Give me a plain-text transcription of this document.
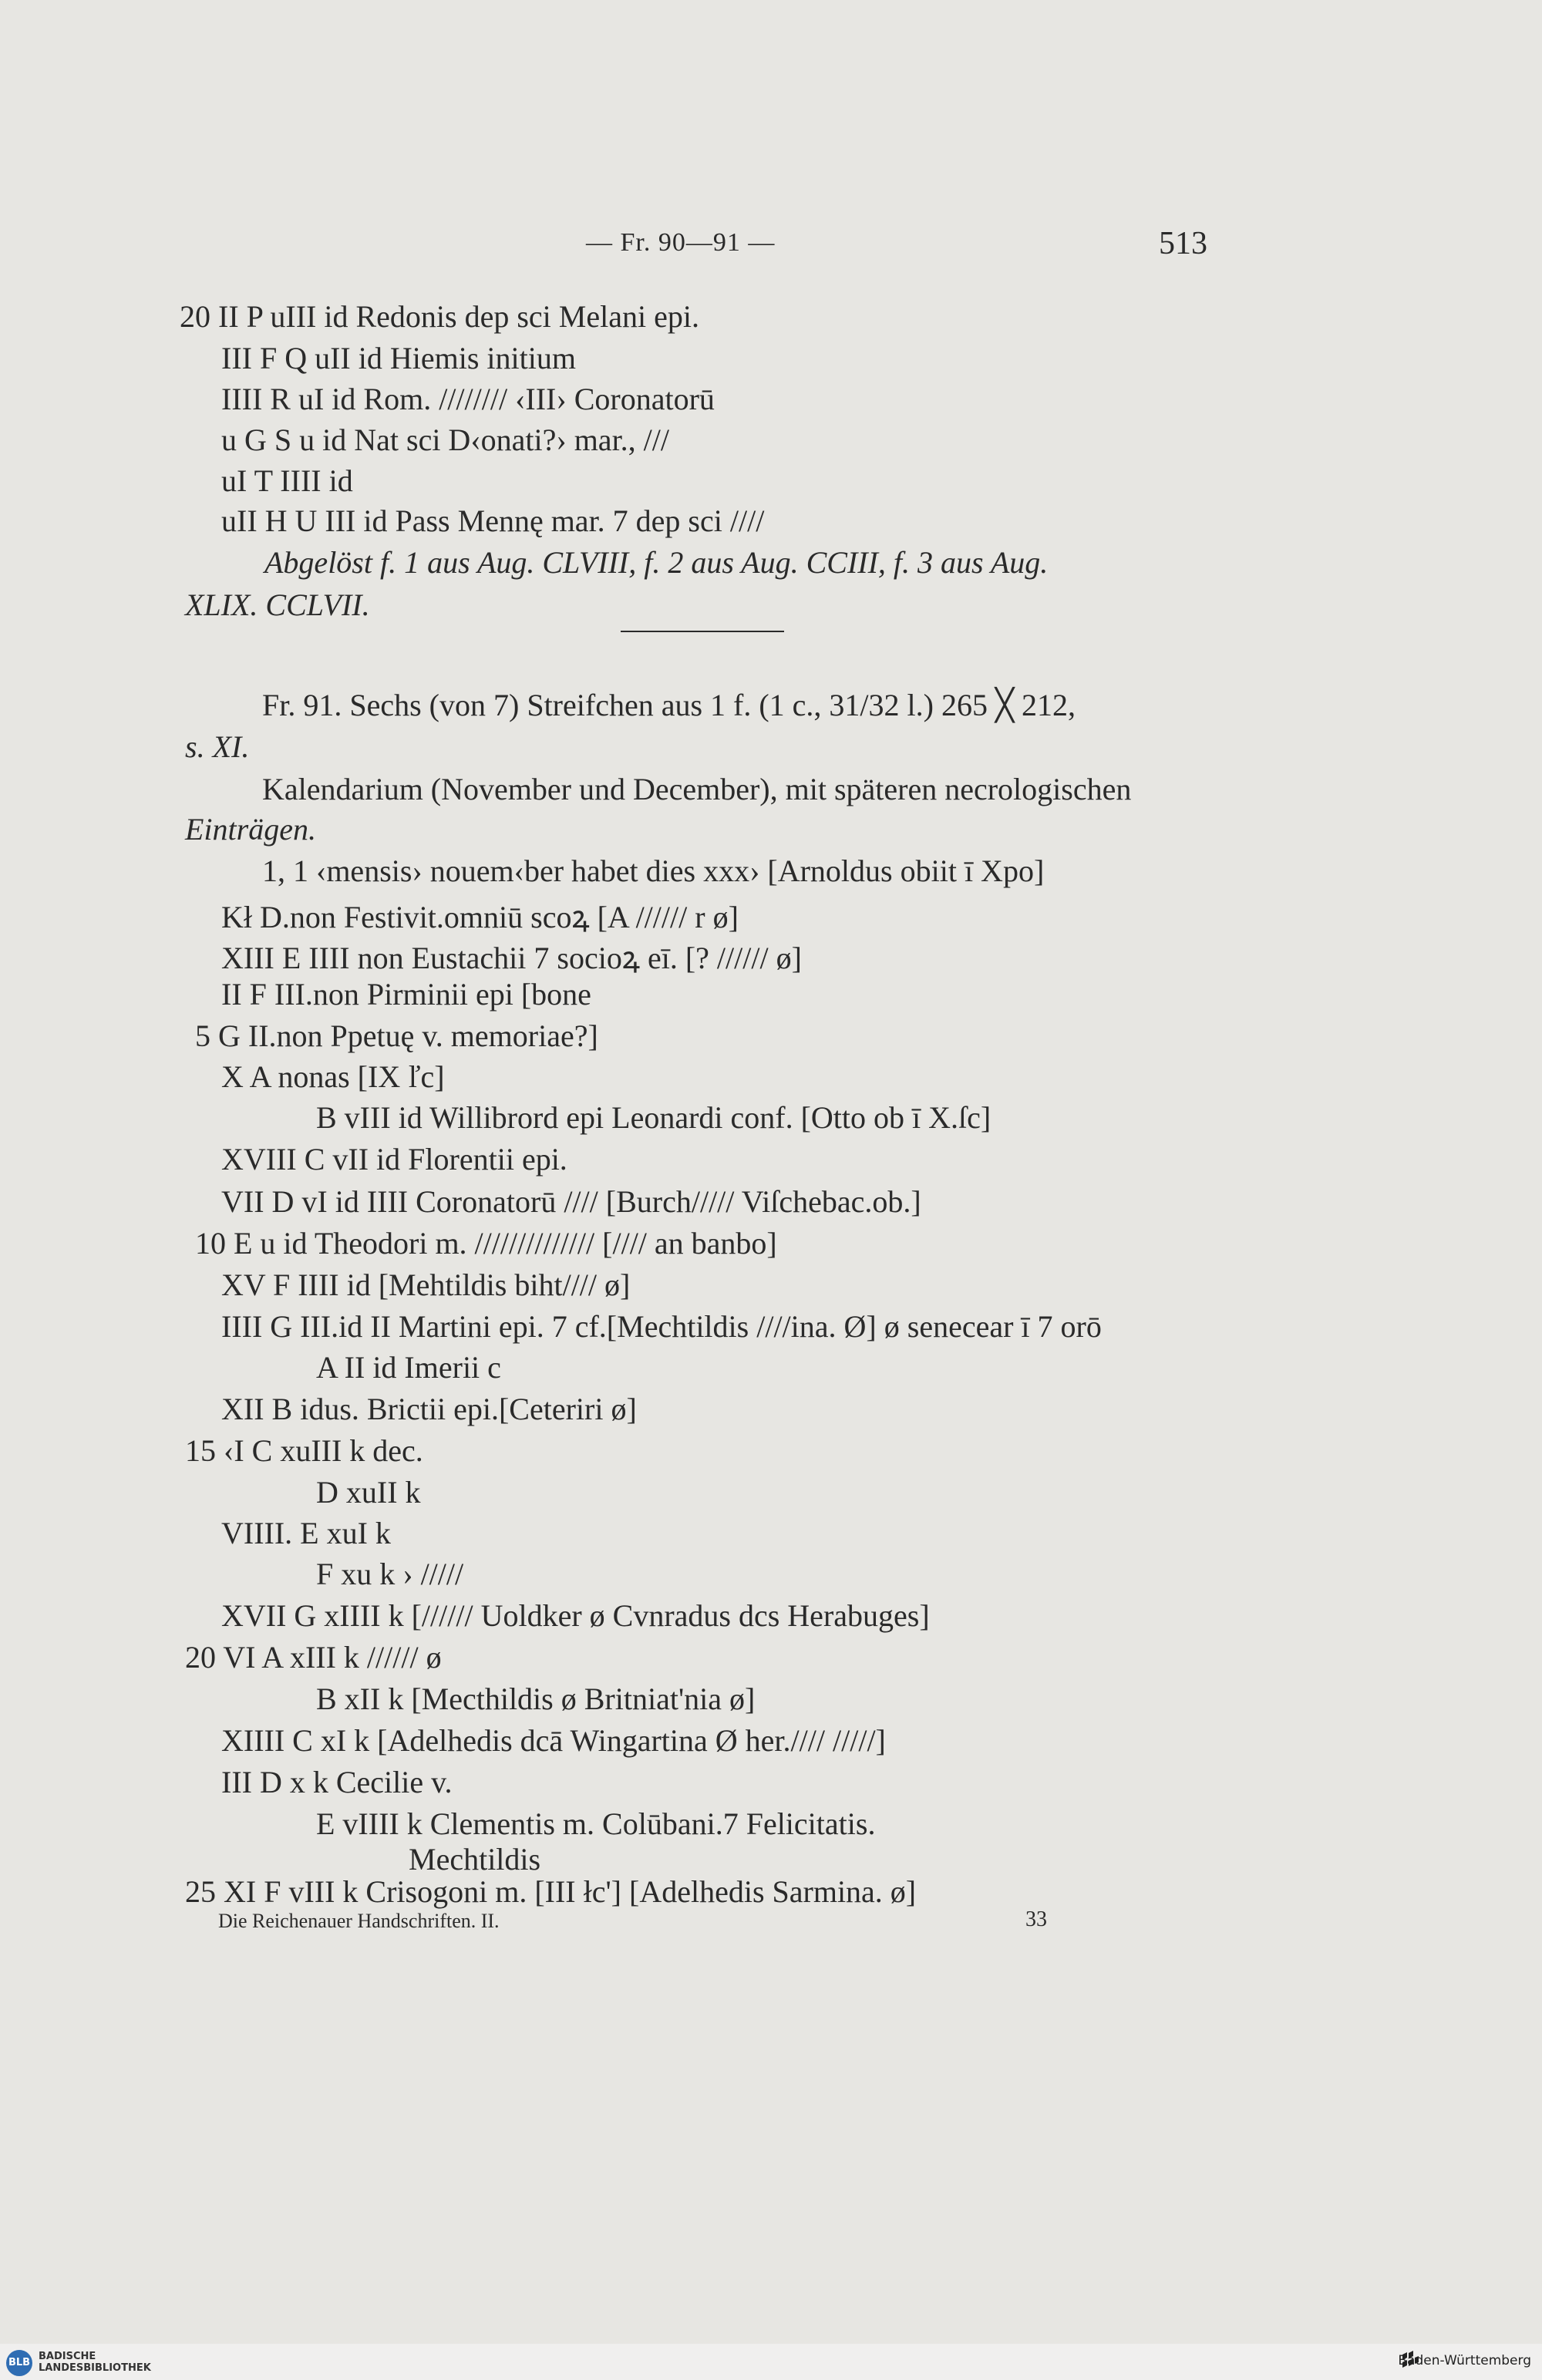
— Fr. 90—91 —	513
20 II P uIII id Redonis dep sci Melani epi.
III F Q uII id Hiemis initium
IIII R uI id Rom. //////// ‹III› Coronatorū
u G S u id Nat sci D‹onati?› mar., ///
uI T IIII id
uII H U III id Pass Mennę mar. 7 dep sci ////
Abgelöst f. 1 aus Aug. CLVIII, f. 2 aus Aug. CCIII, f. 3 aus Aug.
XLIX. CCLVII.
Fr. 91. Sechs (von 7) Streifchen aus 1 f. (1 c., 31/32 l.) 265 ╳ 212,
s. XI.
Kalendarium (November und December), mit späteren necrologischen
Einträgen.
1, 1 ‹mensis› nouem‹ber habet dies xxx› [Arnoldus obiit ī Xpo]
Kł D.non Festivit.omniū scoꝝ [A ////// r ø]
XIII E IIII non Eustachii 7 socioꝝ eī. [? ////// ø]
II F III.non Pirminii epi [bone
5 G II.non Ppetuę v. memoriae?]
X A nonas [IX ľc]
B vIII id Willibrord epi Leonardi conf. [Otto ob ī X.ſc]
XVIII C vII id Florentii epi.
VII D vI id IIII Coronatorū //// [Burch///// Viſchebac.ob.]
10 E u id Theodori m. ////////////// [//// an banbo]
XV F IIII id [Mehtildis biht//// ø]
IIII G III.id II Martini epi. 7 cf.[Mechtildis ////ina. Ø] ø senecear ī 7 orō
A II id Imerii c
XII B idus. Brictii epi.[Ceteriri ø]
15 ‹I C xuIII k dec.
D xuII k
VIIII. E xuI k
F xu k › /////
XVII G xIIII k [////// Uoldker ø Cvnradus dcs Herabuges]
20 VI A xIII k ////// ø
B xII k [Mecthildis ø Britniat'nia ø]
XIIII C xI k [Adelhedis dcā Wingartina Ø her.//// /////]
III D x k Cecilie v.
E vIIII k Clementis m. Colūbani.7 Felicitatis.
Mechtildis
25 XI F vIII k Crisogoni m. [III łc'] [Adelhedis Sarmina. ø]
Die Reichenauer Handschriften. II.	33
BLB
BADISCHE
LANDESBIBLIOTHEK	Baden-Württemberg
